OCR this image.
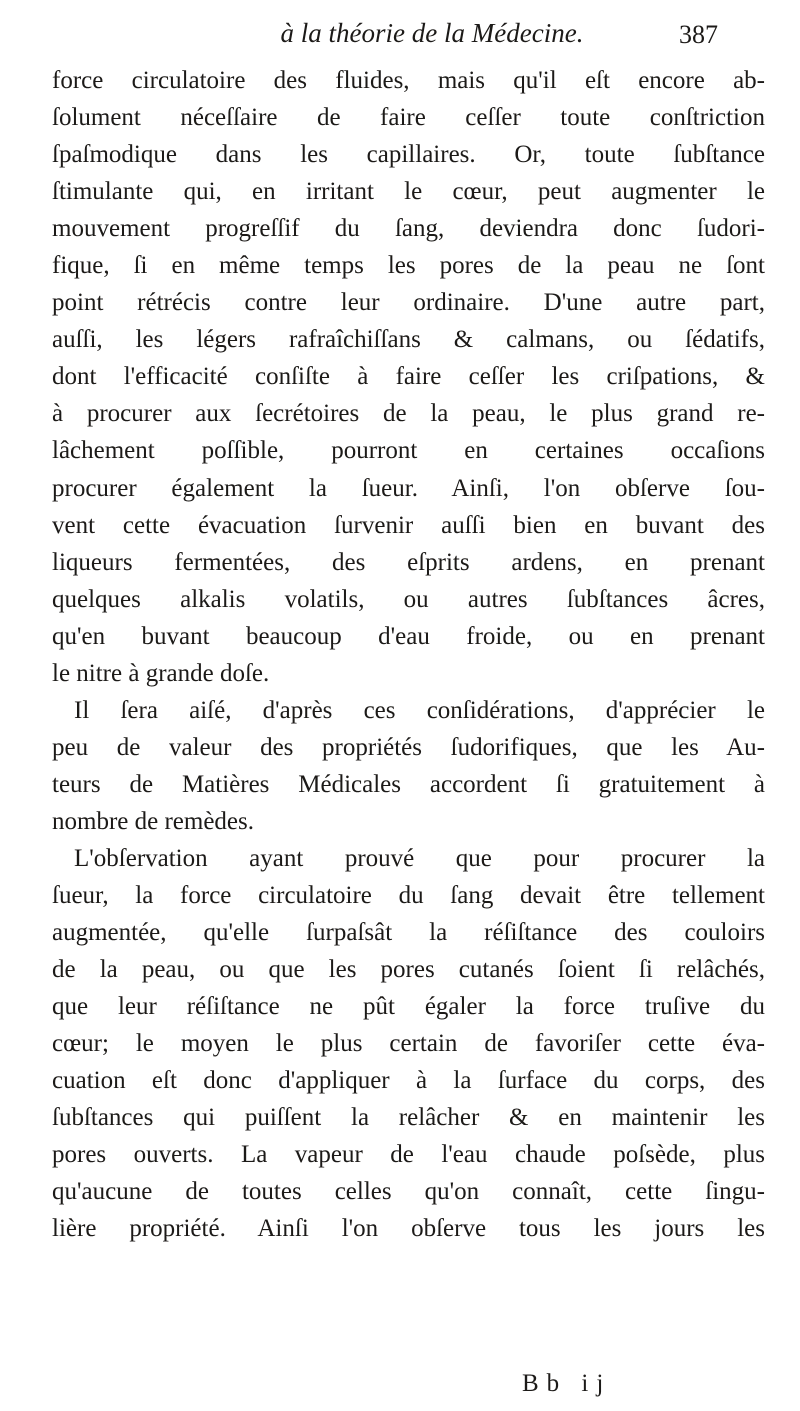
à la théorie de la Médecine.	387
force circulatoire des fluides, mais qu'il eſt encore ab-
ſolument néceſſaire de faire ceſſer toute conſtriction
ſpaſmodique dans les capillaires. Or, toute ſubſtance
ſtimulante qui, en irritant le cœur, peut augmenter le
mouvement progreſſif du ſang, deviendra donc ſudori-
fique, ſi en même temps les pores de la peau ne ſont
point rétrécis contre leur ordinaire. D'une autre part,
auſſi, les légers rafraîchiſſans & calmans, ou ſédatifs,
dont l'efficacité conſiſte à faire ceſſer les criſpations, &
à procurer aux ſecrétoires de la peau, le plus grand re-
lâchement poſſible, pourront en certaines occaſions
procurer également la ſueur. Ainſi, l'on obſerve ſou-
vent cette évacuation ſurvenir auſſi bien en buvant des
liqueurs fermentées, des eſprits ardens, en prenant
quelques alkalis volatils, ou autres ſubſtances âcres,
qu'en buvant beaucoup d'eau froide, ou en prenant
le nitre à grande doſe.
Il ſera aiſé, d'après ces conſidérations, d'apprécier le
peu de valeur des propriétés ſudorifiques, que les Au-
teurs de Matières Médicales accordent ſi gratuitement à
nombre de remèdes.
L'obſervation ayant prouvé que pour procurer la
ſueur, la force circulatoire du ſang devait être tellement
augmentée, qu'elle ſurpaſsât la réſiſtance des couloirs
de la peau, ou que les pores cutanés ſoient ſi relâchés,
que leur réſiſtance ne pût égaler la force truſive du
cœur; le moyen le plus certain de favoriſer cette éva-
cuation eſt donc d'appliquer à la ſurface du corps, des
ſubſtances qui puiſſent la relâcher & en maintenir les
pores ouverts. La vapeur de l'eau chaude poſsède, plus
qu'aucune de toutes celles qu'on connaît, cette ſingu-
lière propriété. Ainſi l'on obſerve tous les jours les
Bb ij
